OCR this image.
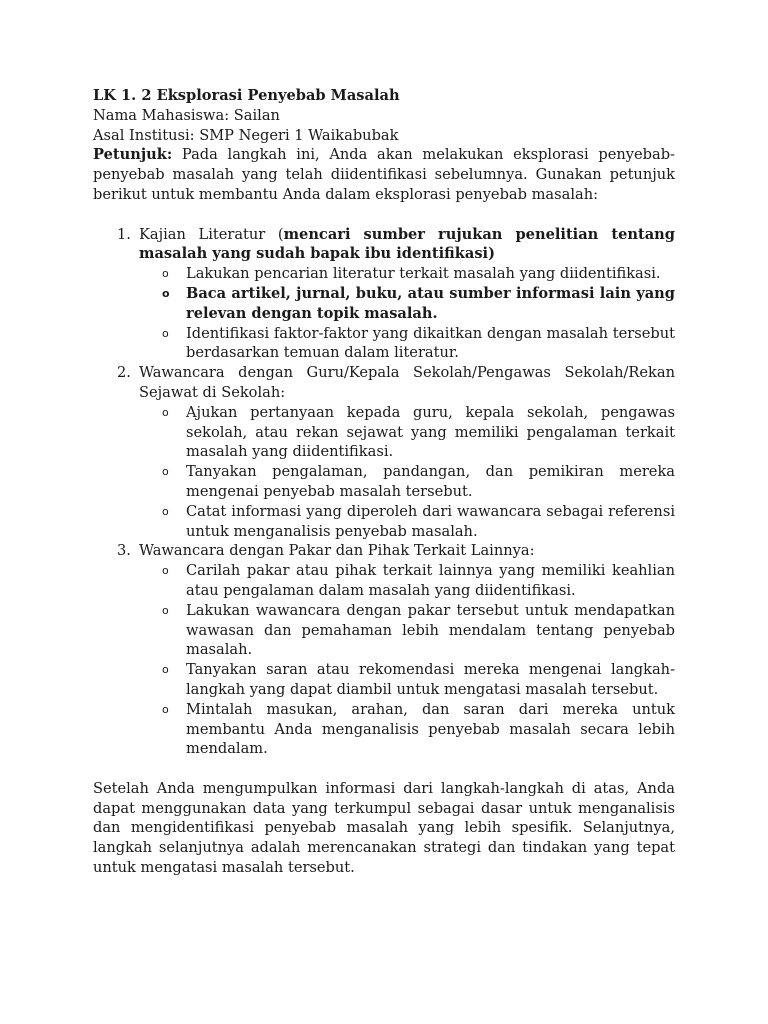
LK 1. 2 Eksplorasi Penyebab Masalah

Nama Mahasiswa: Sailan

Asal Institusi: SMP Negeri 1 Waikabubak

Petunjuk: Pada langkah ini, Anda akan melakukan eksplorasi penyebab-penyebab masalah yang telah diidentifikasi sebelumnya. Gunakan petunjuk berikut untuk membantu Anda dalam eksplorasi penyebab masalah:

1. Kajian Literatur (mencari sumber rujukan penelitian tentang masalah yang sudah bapak ibu identifikasi)
o Lakukan pencarian literatur terkait masalah yang diidentifikasi.
o Baca artikel, jurnal, buku, atau sumber informasi lain yang relevan dengan topik masalah.
o Identifikasi faktor-faktor yang dikaitkan dengan masalah tersebut berdasarkan temuan dalam literatur.
2. Wawancara dengan Guru/Kepala Sekolah/Pengawas Sekolah/Rekan Sejawat di Sekolah:
o Ajukan pertanyaan kepada guru, kepala sekolah, pengawas sekolah, atau rekan sejawat yang memiliki pengalaman terkait masalah yang diidentifikasi.
o Tanyakan pengalaman, pandangan, dan pemikiran mereka mengenai penyebab masalah tersebut.
o Catat informasi yang diperoleh dari wawancara sebagai referensi untuk menganalisis penyebab masalah.
3. Wawancara dengan Pakar dan Pihak Terkait Lainnya:
o Carilah pakar atau pihak terkait lainnya yang memiliki keahlian atau pengalaman dalam masalah yang diidentifikasi.
o Lakukan wawancara dengan pakar tersebut untuk mendapatkan wawasan dan pemahaman lebih mendalam tentang penyebab masalah.
o Tanyakan saran atau rekomendasi mereka mengenai langkah-langkah yang dapat diambil untuk mengatasi masalah tersebut.
o Mintalah masukan, arahan, dan saran dari mereka untuk membantu Anda menganalisis penyebab masalah secara lebih mendalam.

Setelah Anda mengumpulkan informasi dari langkah-langkah di atas, Anda dapat menggunakan data yang terkumpul sebagai dasar untuk menganalisis dan mengidentifikasi penyebab masalah yang lebih spesifik. Selanjutnya, langkah selanjutnya adalah merencanakan strategi dan tindakan yang tepat untuk mengatasi masalah tersebut.
